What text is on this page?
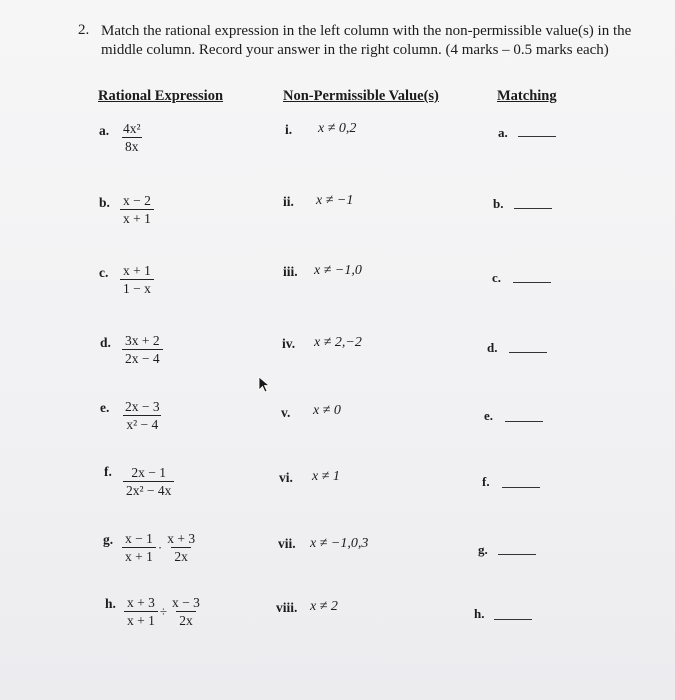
2. Match the rational expression in the left column with the non-permissible value(s) in the middle column. Record your answer in the right column. (4 marks – 0.5 marks each)
Rational Expression	Non-Permissible Value(s)	Matching
a. $\frac{\text{4x²}}{8x}$	i. x ≠ 0,2	a.
b. $\frac{x - 2}{x + 1}$	ii. x ≠ −1	b.
c. $\frac{x + 1}{1 - x}$	iii. x ≠ −1,0	c.
d. $\frac{3x + 2}{2x - 4}$	iv. x ≠ 2,−2	d.
e. $\frac{2x - 3}{\text{x² − 4}}$	v. x ≠ 0	e.
f. $\frac{2x - 1}{\text{2x² − 4x}}$	vi. x ≠ 1	f.
g. $\frac{x - 1}{x + 1} \cdot \frac{x + 3}{2x}$	vii. x ≠ −1,0,3	g.
h. $\frac{x + 3}{x + 1} \div \frac{x - 3}{2x}$	viii. x ≠ 2	h.
